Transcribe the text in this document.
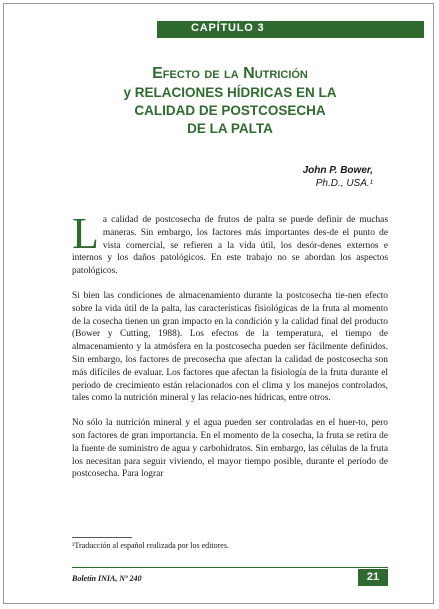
CAPÍTULO 3
Efecto de la Nutrición
y RELACIONES HÍDRICAS EN LA
CALIDAD DE POSTCOSECHA
DE LA PALTA
John P. Bower,
Ph.D., USA.¹

La calidad de postcosecha de frutos de palta se puede definir de muchas maneras. Sin embargo, los factores más importantes des-de el punto de vista comercial, se refieren a la vida útil, los desór-denes externos e internos y los daños patológicos. En este trabajo no se abordan los aspectos patológicos.

Si bien las condiciones de almacenamiento durante la postcosecha tie-nen efecto sobre la vida útil de la palta, las características fisiológicas de la fruta al momento de la cosecha tienen un gran impacto en la condición y la calidad final del producto (Bower y Cutting, 1988). Los efectos de la temperatura, el tiempo de almacenamiento y la atmósfera en la postcosecha pueden ser fácilmente definidos. Sin embargo, los factores de precosecha que afectan la calidad de postcosecha son más difíciles de evaluar. Los factores que afectan la fisiología de la fruta durante el período de crecimiento están relacionados con el clima y los manejos controlados, tales como la nutrición mineral y las relacio-nes hídricas, entre otros.

No sólo la nutrición mineral y el agua pueden ser controladas en el huer-to, pero son factores de gran importancia. En el momento de la cosecha, la fruta se retira de la fuente de suministro de agua y carbohidratos. Sin embargo, las células de la fruta los necesitan para seguir viviendo, el mayor tiempo posible, durante el período de postcosecha. Para lograr

¹Traducción al español realizada por los editores.
Boletín INIA, Nº 240	21
